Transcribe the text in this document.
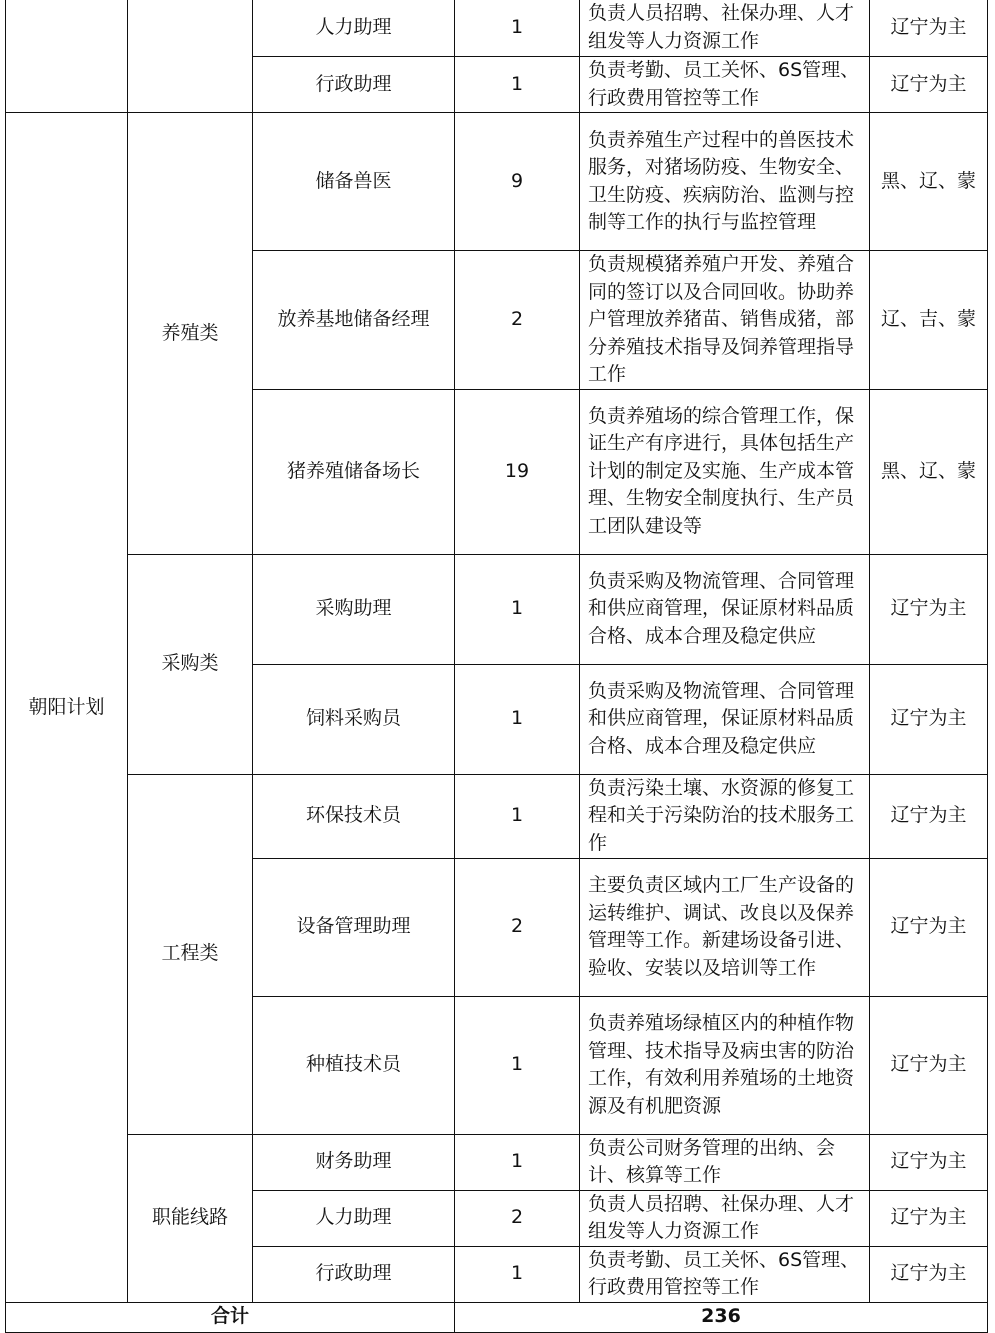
		人力助理	1	负责人员招聘、社保办理、人才组发等人力资源工作	辽宁为主
		行政助理	1	负责考勤、员工关怀、6S管理、行政费用管控等工作	辽宁为主
朝阳计划	养殖类	储备兽医	9	负责养殖生产过程中的兽医技术服务，对猪场防疫、生物安全、卫生防疫、疾病防治、监测与控制等工作的执行与监控管理	黑、辽、蒙
		放养基地储备经理	2	负责规模猪养殖户开发、养殖合同的签订以及合同回收。协助养户管理放养猪苗、销售成猪，部分养殖技术指导及饲养管理指导工作	辽、吉、蒙
		猪养殖储备场长	19	负责养殖场的综合管理工作，保证生产有序进行，具体包括生产计划的制定及实施、生产成本管理、生物安全制度执行、生产员工团队建设等	黑、辽、蒙
	采购类	采购助理	1	负责采购及物流管理、合同管理和供应商管理，保证原材料品质合格、成本合理及稳定供应	辽宁为主
		饲料采购员	1	负责采购及物流管理、合同管理和供应商管理，保证原材料品质合格、成本合理及稳定供应	辽宁为主
	工程类	环保技术员	1	负责污染土壤、水资源的修复工程和关于污染防治的技术服务工作	辽宁为主
		设备管理助理	2	主要负责区域内工厂生产设备的运转维护、调试、改良以及保养管理等工作。新建场设备引进、验收、安装以及培训等工作	辽宁为主
		种植技术员	1	负责养殖场绿植区内的种植作物管理、技术指导及病虫害的防治工作，有效利用养殖场的土地资源及有机肥资源	辽宁为主
	职能线路	财务助理	1	负责公司财务管理的出纳、会计、核算等工作	辽宁为主
		人力助理	2	负责人员招聘、社保办理、人才组发等人力资源工作	辽宁为主
		行政助理	1	负责考勤、员工关怀、6S管理、行政费用管控等工作	辽宁为主
合计			236		
